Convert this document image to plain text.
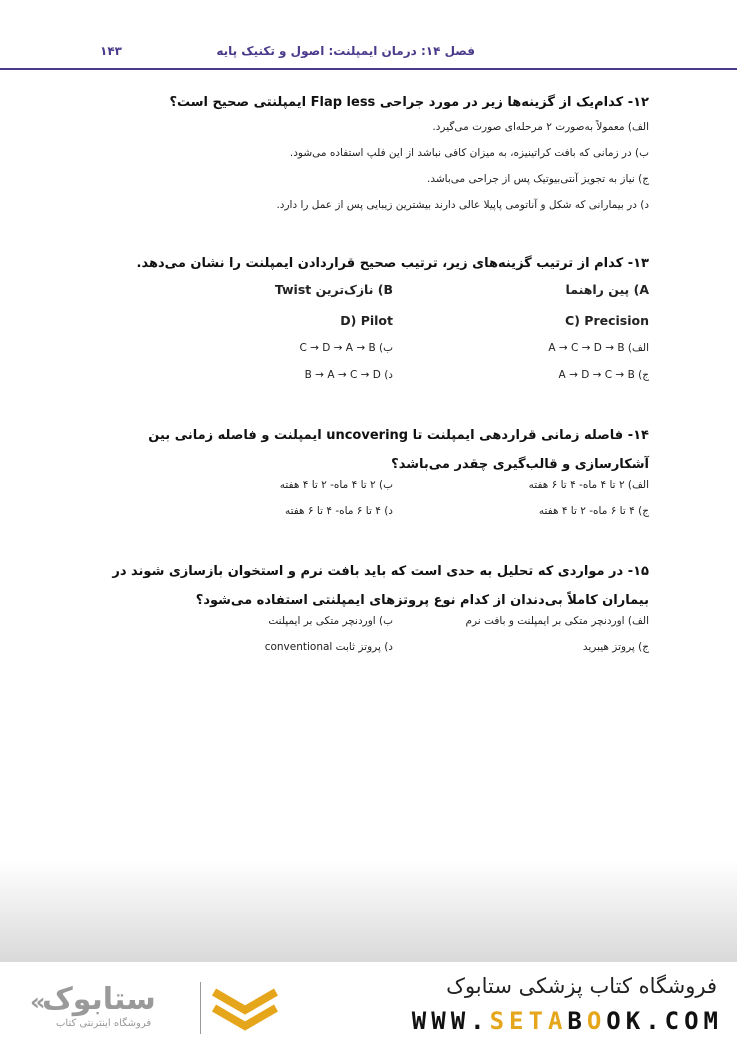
فصل ۱۴: درمان ایمپلنت: اصول و تکنیک پایه
۱۴۳
۱۲- کدام‌یک از گزینه‌ها زیر در مورد جراحی Flap less ایمپلنتی صحیح است؟
الف) معمولاً به‌صورت ۲ مرحله‌ای صورت می‌گیرد.
ب) در زمانی که بافت کراتینیزه، به میزان کافی نباشد از این فلپ استفاده می‌شود.
ج) نیاز به تجویز آنتی‌بیوتیک پس از جراحی می‌باشد.
د) در بیمارانی که شکل و آناتومی پاپیلا عالی دارند بیشترین زیبایی پس از عمل را دارد.
۱۳- کدام از ترتیب گزینه‌های زیر، ترتیب صحیح قراردادن ایمپلنت را نشان می‌دهد.
A) پین راهنما
B) نازک‌ترین Twist
C) Precision
D) Pilot
الف) A → C → D → B
ب) C → D → A → B
ج) A → D → C → B
د) B → A → C → D
۱۴- فاصله زمانی قراردهی ایمپلنت تا uncovering ایمپلنت و فاصله زمانی بین آشکارسازی و قالب‌گیری چقدر می‌باشد؟
الف) ۲ تا ۴ ماه- ۴ تا ۶ هفته
ب) ۲ تا ۴ ماه- ۲ تا ۴ هفته
ج) ۴ تا ۶ ماه- ۲ تا ۴ هفته
د) ۴ تا ۶ ماه- ۴ تا ۶ هفته
۱۵- در مواردی که تحلیل به حدی است که باید بافت نرم و استخوان بازسازی شوند در بیماران کاملاً بی‌دندان از کدام نوع پروتزهای ایمپلنتی استفاده می‌شود؟
الف) اوردنچر متکی بر ایمپلنت و بافت نرم
ب) اوردنچر متکی بر ایمپلنت
ج) پروتز هیبرید
د) پروتز ثابت conventional
«
ستابوک
فروشگاه اینترنتی کتاب
فروشگاه کتاب پزشکی ستابوک
WWW.SETABOOK.COM
